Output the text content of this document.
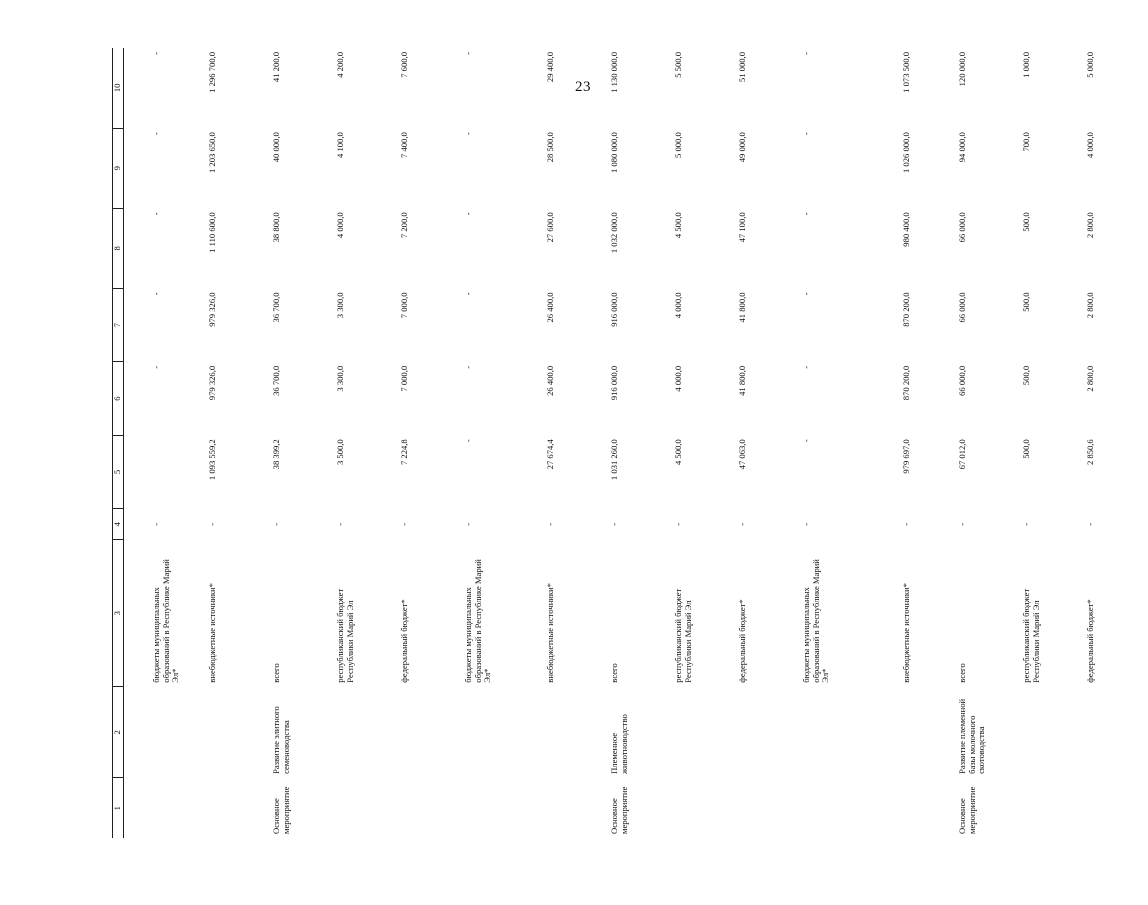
23
1	2	3	4	5	6	7	8	9	10

		бюджеты муниципальных образований в Республике Марий Эл*	-		-	-	-	-	-
		внебюджетные источники*	-	1 093 559,2	979 326,0	979 326,0	1 110 600,0	1 203 650,0	1 296 700,0
Основное мероприятие	Развитие элитного семеноводства	всего	-	38 399,2	36 700,0	36 700,0	38 800,0	40 000,0	41 200,0
		республиканский бюджет Республики Марий Эл	-	3 500,0	3 300,0	3 300,0	4 000,0	4 100,0	4 200,0
		федеральный бюджет*	-	7 224,8	7 000,0	7 000,0	7 200,0	7 400,0	7 600,0
		бюджеты муниципальных образований в Республике Марий Эл*	-	-	-	-	-	-	-
		внебюджетные источники*	-	27 674,4	26 400,0	26 400,0	27 600,0	28 500,0	29 400,0
Основное мероприятие	Племенное животноводство	всего	-	1 031 260,0	916 000,0	916 000,0	1 032 000,0	1 080 000,0	1 130 000,0
		республиканский бюджет Республики Марий Эл	-	4 500,0	4 000,0	4 000,0	4 500,0	5 000,0	5 500,0
		федеральный бюджет*	-	47 063,0	41 800,0	41 800,0	47 100,0	49 000,0	51 000,0
		бюджеты муниципальных образований в Республике Марий Эл*	-	-	-	-	-	-	-
		внебюджетные источники*	-	979 697,0	870 200,0	870 200,0	980 400,0	1 026 000,0	1 073 500,0
Основное мероприятие	Развитие племенной базы молочного скотоводства	всего	-	67 012,0	66 000,0	66 000,0	66 000,0	94 000,0	120 000,0
		республиканский бюджет Республики Марий Эл	-	500,0	500,0	500,0	500,0	700,0	1 000,0
		федеральный бюджет*	-	2 850,6	2 800,0	2 800,0	2 800,0	4 000,0	5 000,0
